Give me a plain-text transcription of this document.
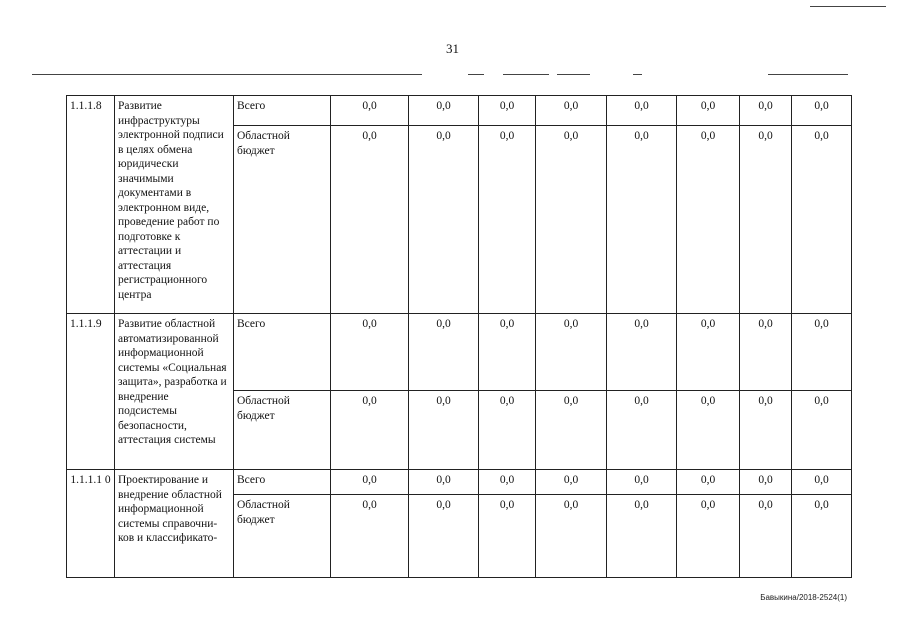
31
1.1.1.8	Развитие инфраструктуры электронной подписи в целях обмена юридически значимыми документами в электронном виде, проведение работ по подготовке к аттестации и аттестация регистрационного центра	Всего	0,0	0,0	0,0	0,0	0,0	0,0	0,0	0,0
		Областной бюджет	0,0	0,0	0,0	0,0	0,0	0,0	0,0	0,0
1.1.1.9	Развитие областной автоматизированной информационной системы «Социальная защита», разработка и внедрение подсистемы безопасности, аттестация системы	Всего	0,0	0,0	0,0	0,0	0,0	0,0	0,0	0,0
		Областной бюджет	0,0	0,0	0,0	0,0	0,0	0,0	0,0	0,0
1.1.1.1 0	Проектирование и внедрение областной информационной системы справочни-ков и классификато-	Всего	0,0	0,0	0,0	0,0	0,0	0,0	0,0	0,0
		Областной бюджет	0,0	0,0	0,0	0,0	0,0	0,0	0,0	0,0
Бавыкина/2018-2524(1)
